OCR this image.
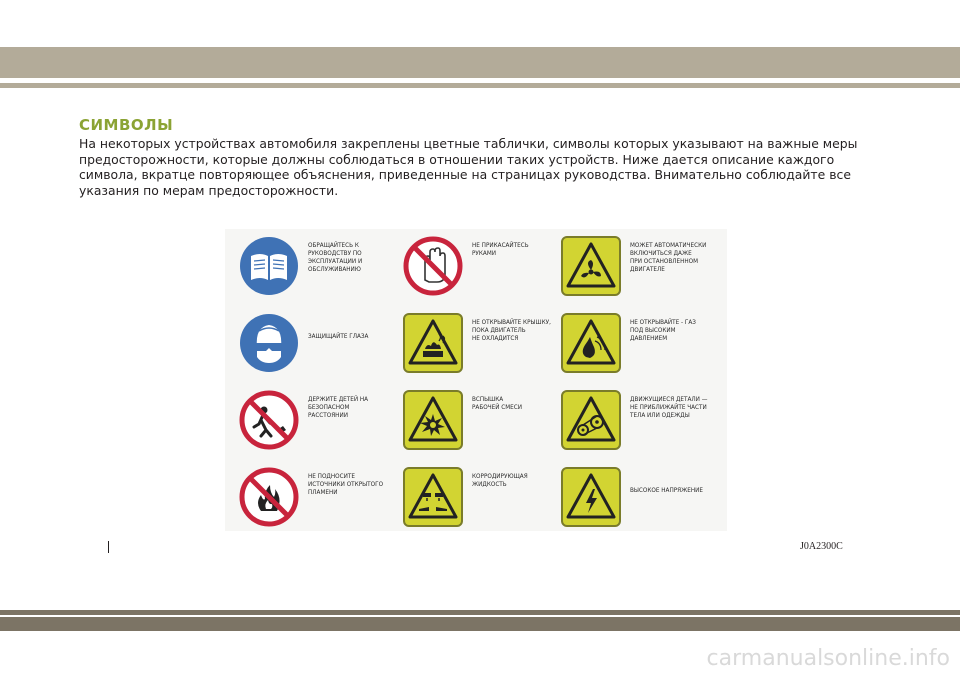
СИМВОЛЫ
На некоторых устройствах автомобиля закреплены цветные таблички, символы которых указывают на важные меры предосторожности, которые должны соблюдаться в отношении таких устройств. Ниже дается описание каждого символа, вкратце повторяющее объяснения, приведенные на страницах руководства. Внимательно соблюдайте все указания по мерам предосторожности.
ОБРАЩАЙТЕСЬ К
РУКОВОДСТВУ ПО
ЭКСПЛУАТАЦИИ И
ОБСЛУЖИВАНИЮ
НЕ ПРИКАСАЙТЕСЬ
РУКАМИ
МОЖЕТ АВТОМАТИЧЕСКИ
ВКЛЮЧИТЬСЯ ДАЖЕ
ПРИ ОСТАНОВЛЕННОМ
ДВИГАТЕЛЕ
ЗАЩИЩАЙТЕ ГЛАЗА
НЕ ОТКРЫВАЙТЕ КРЫШКУ,
ПОКА ДВИГАТЕЛЬ
НЕ ОХЛАДИТСЯ
НЕ ОТКРЫВАЙТЕ - ГАЗ
ПОД ВЫСОКИМ
ДАВЛЕНИЕМ
ДЕРЖИТЕ ДЕТЕЙ НА
БЕЗОПАСНОМ
РАССТОЯНИИ
ВСПЫШКА
РАБОЧЕЙ СМЕСИ
ДВИЖУЩИЕСЯ ДЕТАЛИ —
НЕ ПРИБЛИЖАЙТЕ ЧАСТИ
ТЕЛА ИЛИ ОДЕЖДЫ
НЕ ПОДНОСИТЕ
ИСТОЧНИКИ ОТКРЫТОГО
ПЛАМЕНИ
КОРРОДИРУЮЩАЯ
ЖИДКОСТЬ
ВЫСОКОЕ НАПРЯЖЕНИЕ
J0A2300C
carmanualsonline.info
